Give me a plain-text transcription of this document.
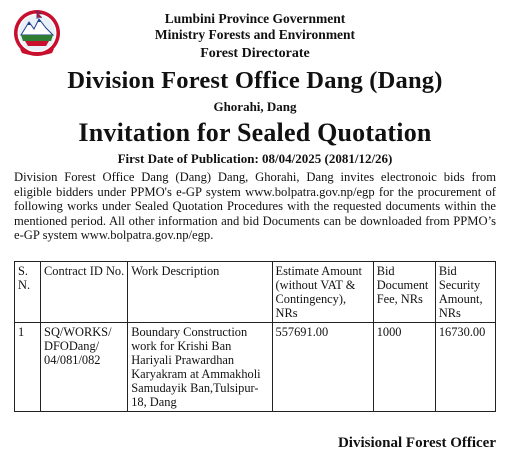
Lumbini Province Government
Ministry Forests and Environment
Forest Directorate
Division Forest Office Dang (Dang)
Ghorahi, Dang
Invitation for Sealed Quotation
First Date of Publication: 08/04/2025 (2081/12/26)
Division Forest Office Dang (Dang) Dang, Ghorahi, Dang invites electronoic bids from eligible bidders under PPMO's e-GP system www.bolpatra.gov.np/egp for the procurement of following works under Sealed Quotation Procedures with the requested documents within the mentioned period. All other information and bid Documents can be downloaded from PPMO’s e-GP system www.bolpatra.gov.np/egp.
S. N.	Contract ID No.	Work Description	Estimate Amount (without VAT & Contingency), NRs	Bid Document Fee, NRs	Bid Security Amount, NRs
1	SQ/WORKS/ DFODang/ 04/081/082	Boundary Construction work for Krishi Ban Hariyali Prawardhan Karyakram at Ammakholi Samudayik Ban,Tulsipur-18, Dang	557691.00	1000	16730.00
Divisional Forest Officer
